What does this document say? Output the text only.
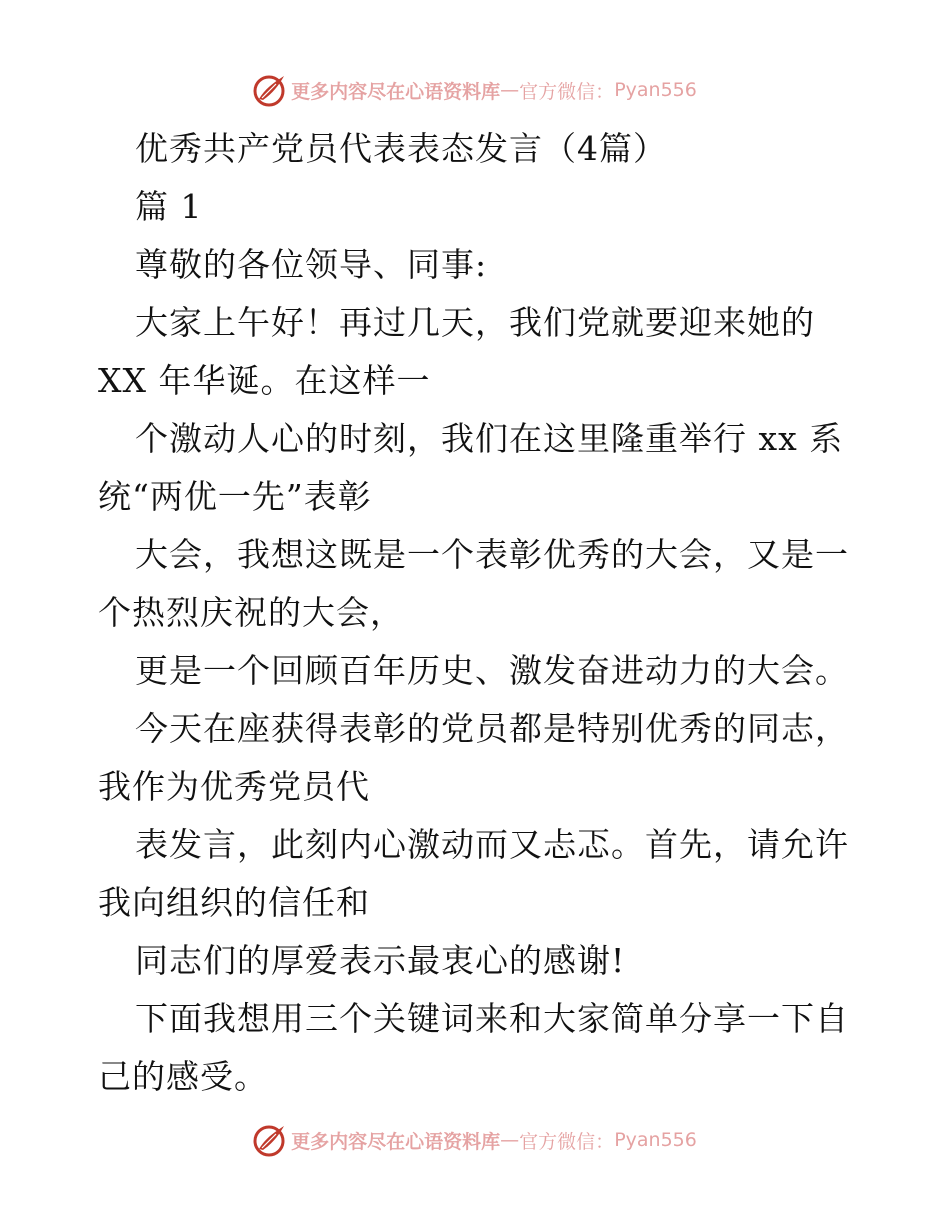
更多内容尽在心语资料库 — 官方微信： Pyan556
优秀共产党员代表表态发言（4篇）
篇 1
尊敬的各位领导、同事:
大家上午好！再过几天，我们党就要迎来她的
XX 年华诞。在这样一
个激动人心的时刻，我们在这里隆重举行 xx 系
统“两优一先”表彰
大会，我想这既是一个表彰优秀的大会，又是一
个热烈庆祝的大会，
更是一个回顾百年历史、激发奋进动力的大会。
今天在座获得表彰的党员都是特别优秀的同志，
我作为优秀党员代
表发言，此刻内心激动而又忐忑。首先，请允许
我向组织的信任和
同志们的厚爱表示最衷心的感谢!
下面我想用三个关键词来和大家简单分享一下自
己的感受。
更多内容尽在心语资料库 — 官方微信： Pyan556
